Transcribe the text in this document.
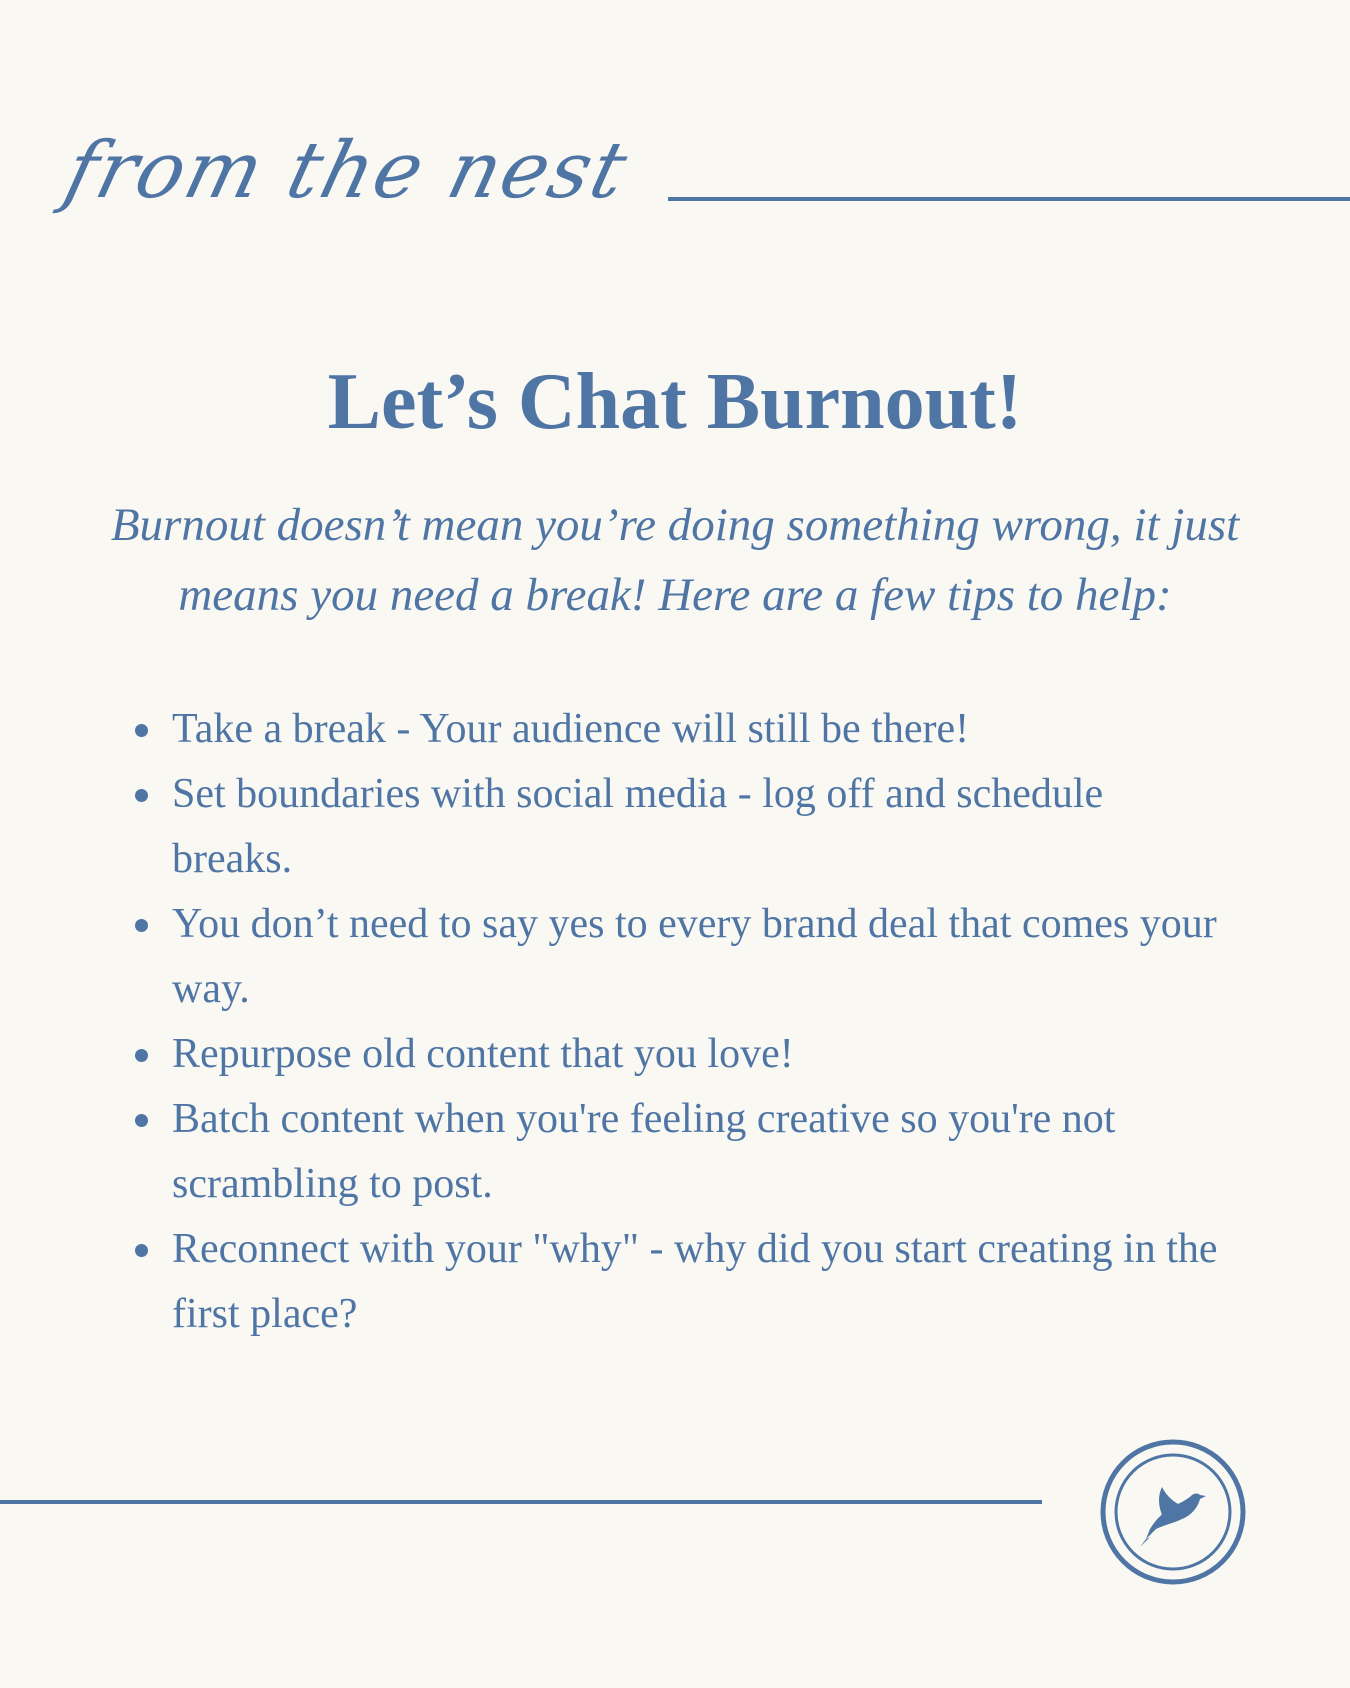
from the nest
Let’s Chat Burnout!

Burnout doesn’t mean you’re doing something wrong, it just means you need a break! Here are a few tips to help:

Take a break - Your audience will still be there!
Set boundaries with social media - log off and schedule breaks.
You don’t need to say yes to every brand deal that comes your way.
Repurpose old content that you love!
Batch content when you're feeling creative so you're not scrambling to post.
Reconnect with your "why" - why did you start creating in the first place?
